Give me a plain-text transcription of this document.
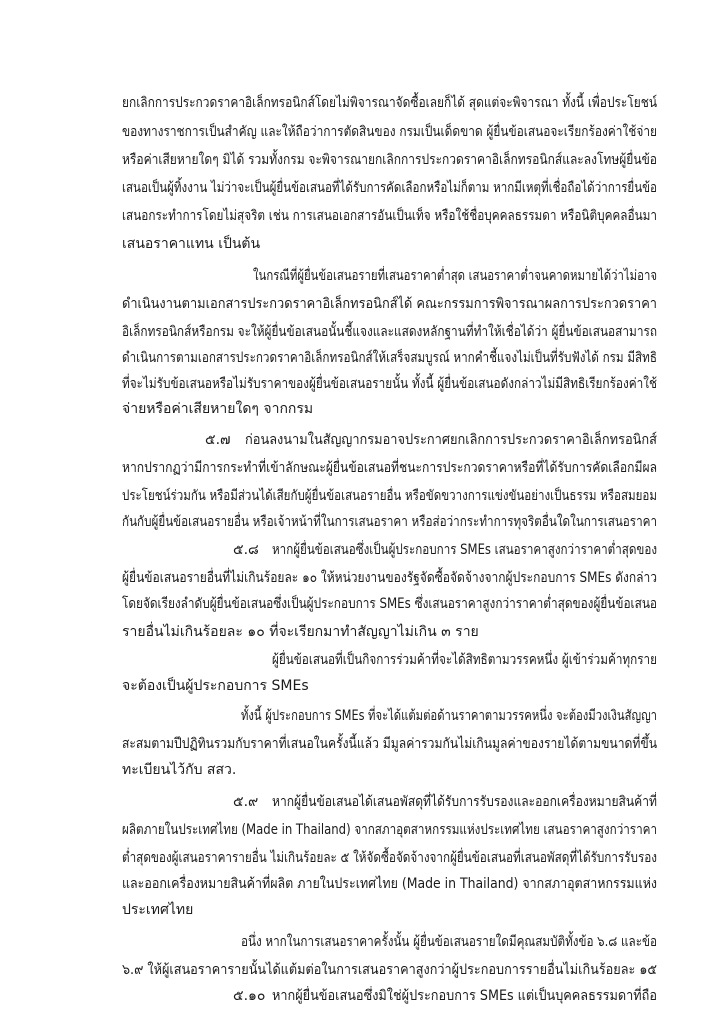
ยกเลิกการประกวดราคาอิเล็กทรอนิกส์โดยไม่พิจารณาจัดซื้อเลยก็ได้ สุดแต่จะพิจารณา ทั้งนี้ เพื่อประโยชน์
ของทางราชการเป็นสำคัญ และให้ถือว่าการตัดสินของ กรมเป็นเด็ดขาด ผู้ยื่นข้อเสนอจะเรียกร้องค่าใช้จ่าย
หรือค่าเสียหายใดๆ มิได้ รวมทั้งกรม จะพิจารณายกเลิกการประกวดราคาอิเล็กทรอนิกส์และลงโทษผู้ยื่นข้อ
เสนอเป็นผู้ทิ้งงาน ไม่ว่าจะเป็นผู้ยื่นข้อเสนอที่ได้รับการคัดเลือกหรือไม่ก็ตาม หากมีเหตุที่เชื่อถือได้ว่าการยื่นข้อ
เสนอกระทำการโดยไม่สุจริต เช่น การเสนอเอกสารอันเป็นเท็จ หรือใช้ชื่อบุคคลธรรมดา หรือนิติบุคคลอื่นมา
เสนอราคาแทน เป็นต้น
ในกรณีที่ผู้ยื่นข้อเสนอรายที่เสนอราคาต่ำสุด เสนอราคาต่ำจนคาดหมายได้ว่าไม่อาจ
ดำเนินงานตามเอกสารประกวดราคาอิเล็กทรอนิกส์ได้ คณะกรรมการพิจารณาผลการประกวดราคา
อิเล็กทรอนิกส์หรือกรม จะให้ผู้ยื่นข้อเสนอนั้นชี้แจงและแสดงหลักฐานที่ทำให้เชื่อได้ว่า ผู้ยื่นข้อเสนอสามารถ
ดำเนินการตามเอกสารประกวดราคาอิเล็กทรอนิกส์ให้เสร็จสมบูรณ์ หากคำชี้แจงไม่เป็นที่รับฟังได้ กรม มีสิทธิ
ที่จะไม่รับข้อเสนอหรือไม่รับราคาของผู้ยื่นข้อเสนอรายนั้น ทั้งนี้ ผู้ยื่นข้อเสนอดังกล่าวไม่มีสิทธิเรียกร้องค่าใช้
จ่ายหรือค่าเสียหายใดๆ จากกรม
๕.๗ ก่อนลงนามในสัญญากรมอาจประกาศยกเลิกการประกวดราคาอิเล็กทรอนิกส์
หากปรากฏว่ามีการกระทำที่เข้าลักษณะผู้ยื่นข้อเสนอที่ชนะการประกวดราคาหรือที่ได้รับการคัดเลือกมีผล
ประโยชน์ร่วมกัน หรือมีส่วนได้เสียกับผู้ยื่นข้อเสนอรายอื่น หรือขัดขวางการแข่งขันอย่างเป็นธรรม หรือสมยอม
กันกับผู้ยื่นข้อเสนอรายอื่น หรือเจ้าหน้าที่ในการเสนอราคา หรือส่อว่ากระทำการทุจริตอื่นใดในการเสนอราคา
๕.๘ หากผู้ยื่นข้อเสนอซึ่งเป็นผู้ประกอบการ SMEs เสนอราคาสูงกว่าราคาต่ำสุดของ
ผู้ยื่นข้อเสนอรายอื่นที่ไม่เกินร้อยละ ๑๐ ให้หน่วยงานของรัฐจัดซื้อจัดจ้างจากผู้ประกอบการ SMEs ดังกล่าว
โดยจัดเรียงลำดับผู้ยื่นข้อเสนอซึ่งเป็นผู้ประกอบการ SMEs ซึ่งเสนอราคาสูงกว่าราคาต่ำสุดของผู้ยื่นข้อเสนอ
รายอื่นไม่เกินร้อยละ ๑๐ ที่จะเรียกมาทำสัญญาไม่เกิน ๓ ราย
ผู้ยื่นข้อเสนอที่เป็นกิจการร่วมค้าที่จะได้สิทธิตามวรรคหนึ่ง ผู้เข้าร่วมค้าทุกราย
จะต้องเป็นผู้ประกอบการ SMEs
ทั้งนี้ ผู้ประกอบการ SMEs ที่จะได้แต้มต่อด้านราคาตามวรรคหนึ่ง จะต้องมีวงเงินสัญญา
สะสมตามปีปฏิทินรวมกับราคาที่เสนอในครั้งนี้แล้ว มีมูลค่ารวมกันไม่เกินมูลค่าของรายได้ตามขนาดที่ขึ้น
ทะเบียนไว้กับ สสว.
๕.๙ หากผู้ยื่นข้อเสนอได้เสนอพัสดุที่ได้รับการรับรองและออกเครื่องหมายสินค้าที่
ผลิตภายในประเทศไทย (Made in Thailand) จากสภาอุตสาหกรรมแห่งประเทศไทย เสนอราคาสูงกว่าราคา
ต่ำสุดของผู้เสนอราคารายอื่น ไม่เกินร้อยละ ๕ ให้จัดซื้อจัดจ้างจากผู้ยื่นข้อเสนอที่เสนอพัสดุที่ได้รับการรับรอง
และออกเครื่องหมายสินค้าที่ผลิต ภายในประเทศไทย (Made in Thailand) จากสภาอุตสาหกรรมแห่ง
ประเทศไทย
อนึ่ง หากในการเสนอราคาครั้งนั้น ผู้ยื่นข้อเสนอรายใดมีคุณสมบัติทั้งข้อ ๖.๘ และข้อ
๖.๙ ให้ผู้เสนอราคารายนั้นได้แต้มต่อในการเสนอราคาสูงกว่าผู้ประกอบการรายอื่นไม่เกินร้อยละ ๑๕
๕.๑๐ หากผู้ยื่นข้อเสนอซึ่งมิใช่ผู้ประกอบการ SMEs แต่เป็นบุคคลธรรมดาที่ถือ
